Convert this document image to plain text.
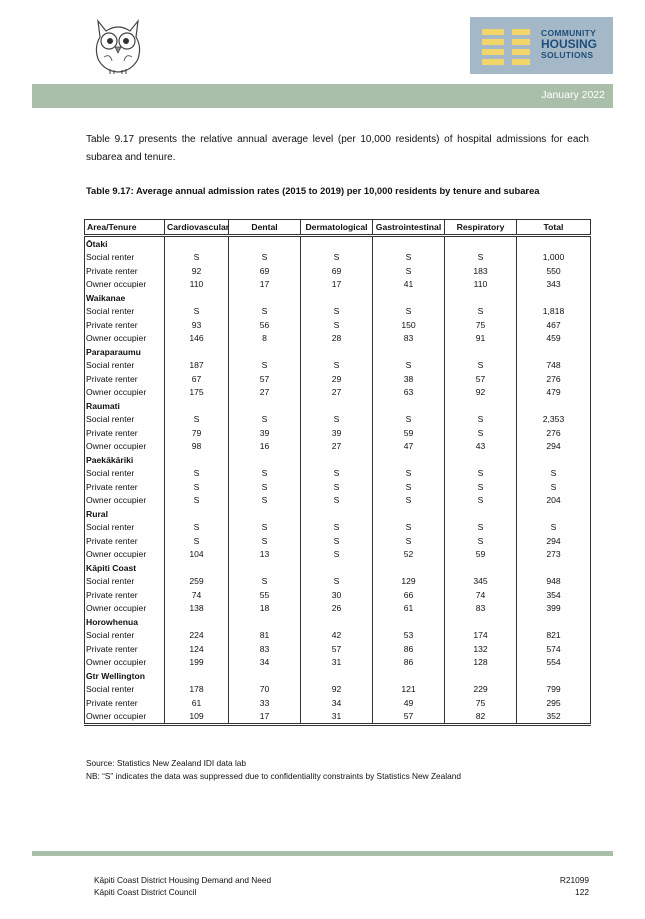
COMMUNITY
HOUSING
SOLUTIONS
January 2022
Table 9.17 presents the relative annual average level (per 10,000 residents) of hospital admissions for each subarea and tenure.
Table 9.17: Average annual admission rates (2015 to 2019) per 10,000 residents by tenure and subarea
Area/Tenure	Cardiovascular	Dental	Dermatological	Gastrointestinal	Respiratory	Total
Ōtaki						
Social renter	S	S	S	S	S	1,000
Private renter	92	69	69	S	183	550
Owner occupier	110	17	17	41	110	343
Waikanae						
Social renter	S	S	S	S	S	1,818
Private renter	93	56	S	150	75	467
Owner occupier	146	8	28	83	91	459
Paraparaumu						
Social renter	187	S	S	S	S	748
Private renter	67	57	29	38	57	276
Owner occupier	175	27	27	63	92	479
Raumati						
Social renter	S	S	S	S	S	2,353
Private renter	79	39	39	59	S	276
Owner occupier	98	16	27	47	43	294
Paekākāriki						
Social renter	S	S	S	S	S	S
Private renter	S	S	S	S	S	S
Owner occupier	S	S	S	S	S	204
Rural						
Social renter	S	S	S	S	S	S
Private renter	S	S	S	S	S	294
Owner occupier	104	13	S	52	59	273
Kāpiti Coast						
Social renter	259	S	S	129	345	948
Private renter	74	55	30	66	74	354
Owner occupier	138	18	26	61	83	399
Horowhenua						
Social renter	224	81	42	53	174	821
Private renter	124	83	57	86	132	574
Owner occupier	199	34	31	86	128	554
Gtr Wellington						
Social renter	178	70	92	121	229	799
Private renter	61	33	34	49	75	295
Owner occupier	109	17	31	57	82	352
Source: Statistics New Zealand IDI data lab
NB: “S” indicates the data was suppressed due to confidentiality constraints by Statistics New Zealand
Kāpiti Coast District Housing Demand and Need
Kāpiti Coast District Council
R21099
122
